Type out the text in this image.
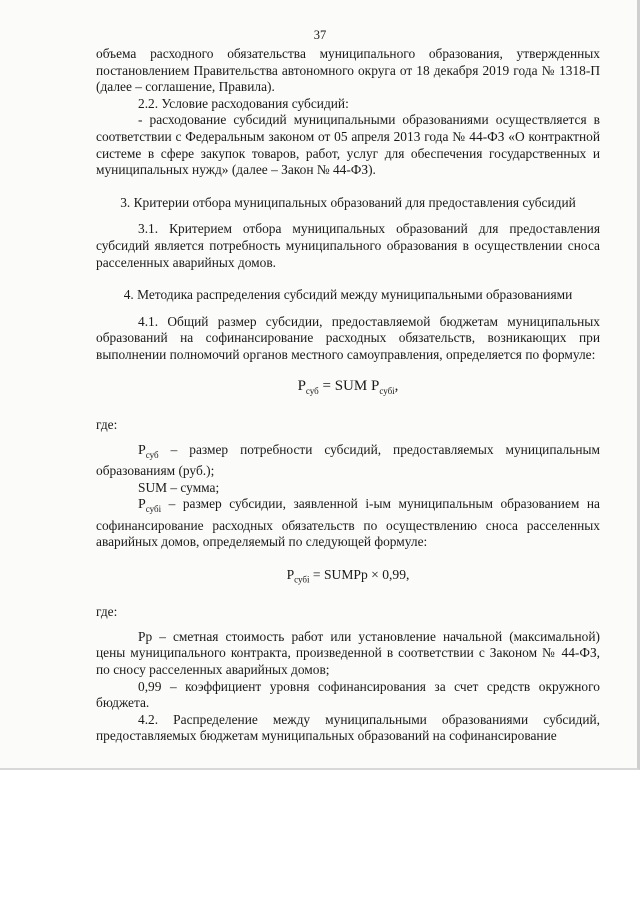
37

объема расходного обязательства муниципального образования, утвержденных постановлением Правительства автономного округа от 18 декабря 2019 года № 1318-П (далее – соглашение, Правила).

2.2. Условие расходования субсидий:

- расходование субсидий муниципальными образованиями осуществляется в соответствии с Федеральным законом от 05 апреля 2013 года № 44-ФЗ «О контрактной системе в сфере закупок товаров, работ, услуг для обеспечения государственных и муниципальных нужд» (далее – Закон № 44-ФЗ).

3. Критерии отбора муниципальных образований для предоставления субсидий

3.1. Критерием отбора муниципальных образований для предоставления субсидий является потребность муниципального образования в осуществлении сноса расселенных аварийных домов.

4. Методика распределения субсидий между муниципальными образованиями

4.1. Общий размер субсидии, предоставляемой бюджетам муниципальных образований на софинансирование расходных обязательств, возникающих при выполнении полномочий органов местного самоуправления, определяется по формуле:

$Р_{суб}$ = SUM $Р_{субi}$,

где:

$Р_{суб}$ – размер потребности субсидий, предоставляемых муниципальным образованиям (руб.);

SUM – сумма;

$Р_{субi}$ – размер субсидии, заявленной i-ым муниципальным образованием на софинансирование расходных обязательств по осуществлению сноса расселенных аварийных домов, определяемый по следующей формуле:

$Р_{субi}$ = SUMРр × 0,99,

где:

Рр – сметная стоимость работ или установление начальной (максимальной) цены муниципального контракта, произведенной в соответствии с Законом № 44-ФЗ, по сносу расселенных аварийных домов;

0,99 – коэффициент уровня софинансирования за счет средств окружного бюджета.

4.2. Распределение между муниципальными образованиями субсидий, предоставляемых бюджетам муниципальных образований на софинансирование
